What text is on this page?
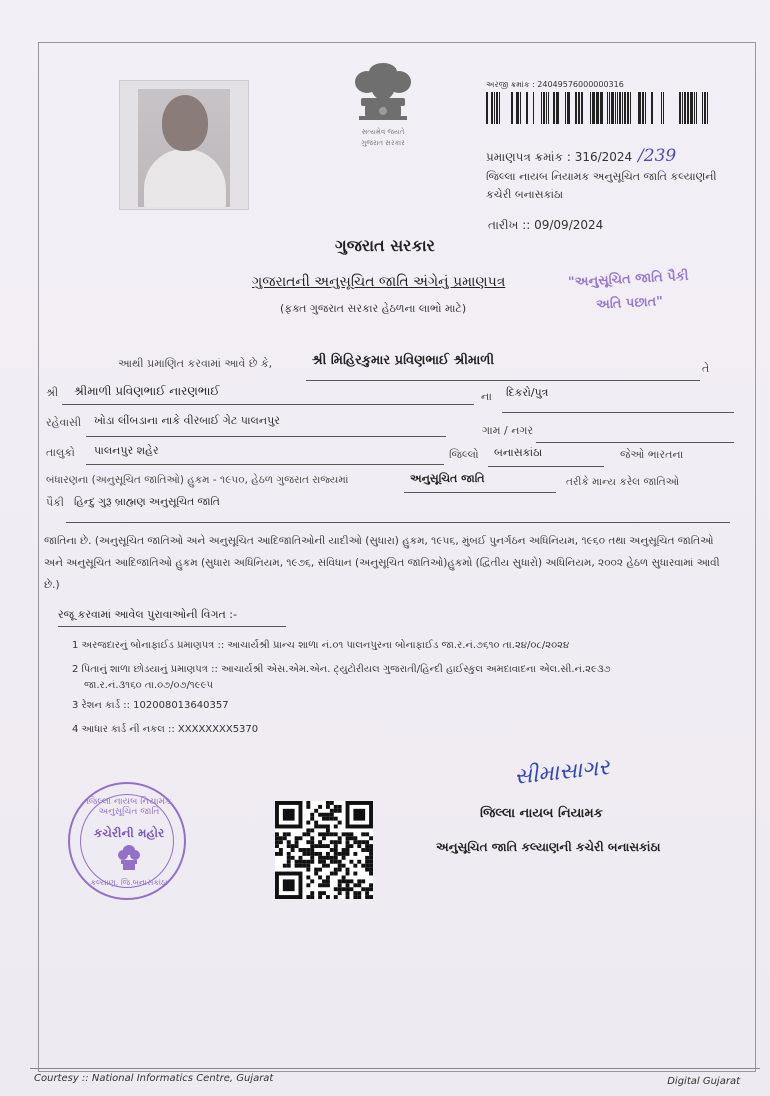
સત્યમેવ જયતે
ગુજરાત સરકાર
અરજી ક્રમાંક : 24049576000000316
પ્રમાણપત્ર ક્રમાંક : 316/2024 /239
જિલ્લા નાયબ નિયામક અનુસૂચિત જાતિ કલ્યાણની
કચેરી બનાસકાંઠા
તારીખ :: 09/09/2024
ગુજરાત સરકાર
ગુજરાતની અનુસૂચિત જાતિ અંગેનું પ્રમાણપત્ર
(ફક્ત ગુજરાત સરકાર હેઠળના લાભો માટે)
"અનુસૂચિત જાતિ પૈકી
અતિ પછાત"
આથી પ્રમાણિત કરવામાં આવે છે કે,	શ્રી મિહિરકુમાર પ્રવિણભાઈ શ્રીમાળી
તે
શ્રી શ્રીમાળી પ્રવિણભાઈ નારણભાઈ	ના દિકરો/પુત્ર
રહેવાસી ખોડા લીંબડાના નાકે વીરબાઈ ગેટ પાલનપુર
ગામ / નગર
તાલુકો પાલનપુર શહેર	જિલ્લો બનાસકાંઠા	જેઓ ભારતના
બંધારણના (અનુસૂચિત જાતિઓ) હુકમ - ૧૯૫૦, હેઠળ ગુજરાત રાજ્યમાં	અનુસૂચિત જાતિ	તરીકે માન્ય કરેલ જાતિઓ
પૈકી હિન્દુ ગુરૂ બ્રાહ્મણ અનુસૂચિત જાતિ
જાતિના છે. (અનુસૂચિત જાતિઓ અને અનુસૂચિત આદિજાતિઓની યાદીઓ (સુધારા) હુકમ, ૧૯૫૬, મુંબઈ પુનર્ગઠન અધિનિયમ, ૧૯૬૦ તથા અનુસૂચિત જાતિઓ અને અનુસૂચિત આદિજાતિઓ હુકમ (સુધારા અધિનિયમ, ૧૯૭૬, સંવિધાન (અનુસૂચિત જાતિઓ)હુકમો (દ્વિતીય સુધારો) અધિનિયમ, ૨૦૦૨ હેઠળ સુધારવામાં આવી છે.)
રજૂ કરવામાં આવેલ પુરાવાઓની વિગત :-
1 અરજદારનું બોનાફાઈડ પ્રમાણપત્ર :: આચાર્યશ્રી પ્રાન્ચ શાળા નં.૦૧ પાલનપુરના બોનાફાઈડ જા.ર.નં.૭૬૧૦ તા.૨૪/૦૮/૨૦૨૪
2 પિતાનું શાળા છોડયાનું પ્રમાણપત્ર :: આચાર્યશ્રી એસ.એમ.એન. ટ્યુટોરીયલ ગુજરાતી/હિન્દી હાઈસ્કુલ અમદાવાદના એલ.સી.નં.૨૯૩૭
જા.ર.નં.૩૧૬૦ તા.૦૭/૦૭/૧૯૯૫
3 રેશન કાર્ડ :: 102008013640357
4 આધાર કાર્ડ ની નકલ :: XXXXXXXX5370
જિલ્લા નાયબ નિયામક અનુસૂચિત જાતિ
કચેરીની મહોર
કલ્યાણ, જિ.બનાસકાંઠા
સીમાસાગર
જિલ્લા નાયબ નિયામક
અનુસૂચિત જાતિ કલ્યાણની કચેરી બનાસકાંઠા
Courtesy :: National Informatics Centre, Gujarat	Digital Gujarat
